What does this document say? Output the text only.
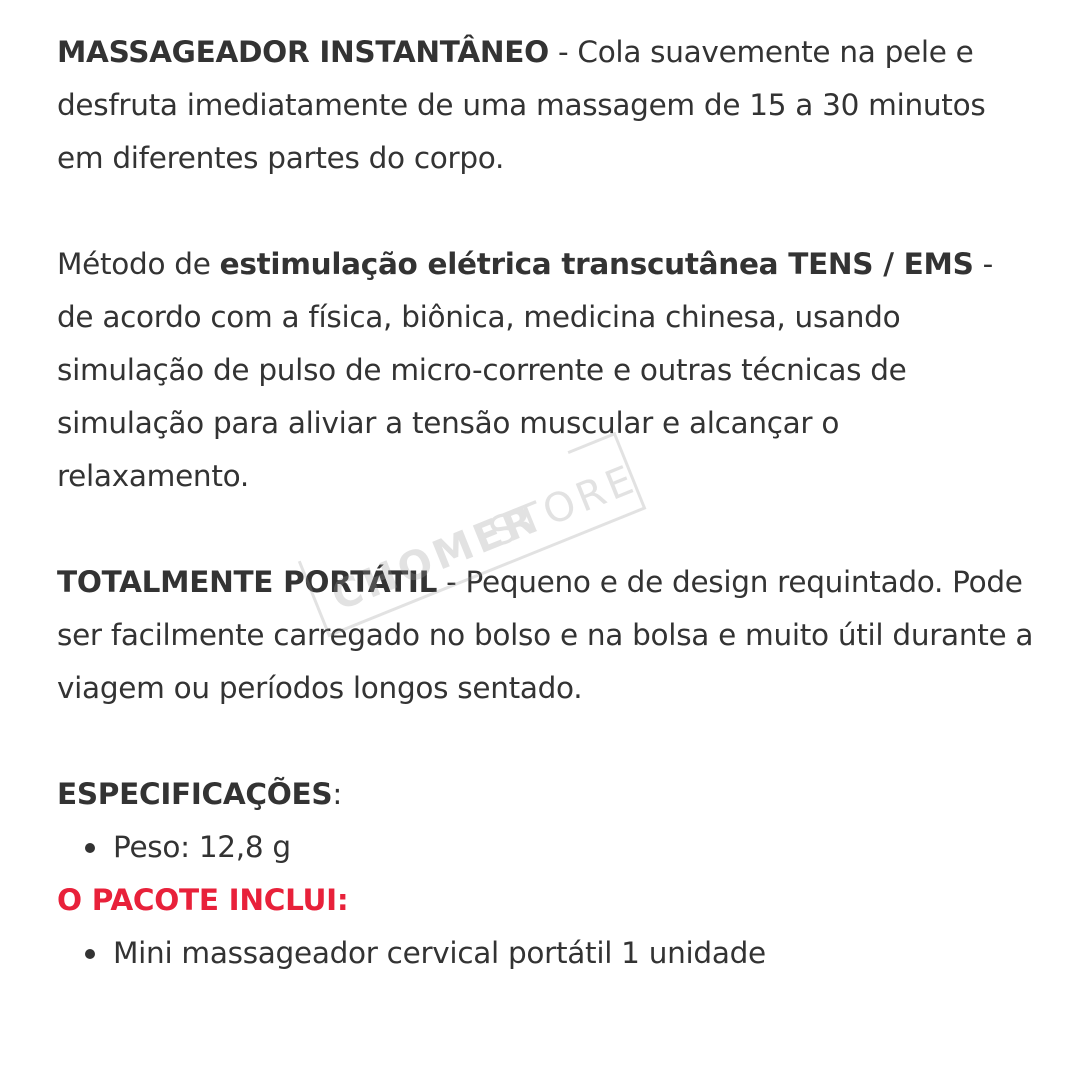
MASSAGEADOR INSTANTÂNEO - Cola suavemente na pele e desfruta imediatamente de uma massagem de 15 a 30 minutos em diferentes partes do corpo.

Método de estimulação elétrica transcutânea TENS / EMS - de acordo com a física, biônica, medicina chinesa, usando simulação de pulso de micro-corrente e outras técnicas de simulação para aliviar a tensão muscular e alcançar o relaxamento.

TOTALMENTE PORTÁTIL - Pequeno e de design requintado. Pode ser facilmente carregado no bolso e na bolsa e muito útil durante a viagem ou períodos longos sentado.

ESPECIFICAÇÕES:

Peso: 12,8 g

O PACOTE INCLUI:

Mini massageador cervical portátil 1 unidade
CHOMER
STORE
